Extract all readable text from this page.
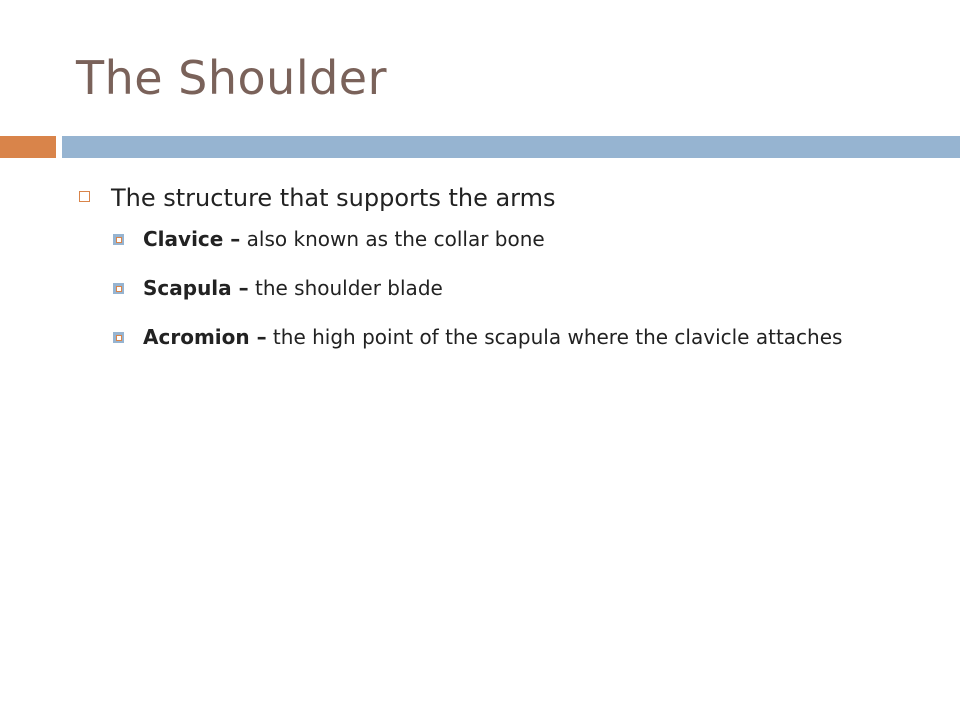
The Shoulder
The structure that supports the arms
Clavice – also known as the collar bone
Scapula – the shoulder blade
Acromion – the high point of the scapula where the clavicle attaches
